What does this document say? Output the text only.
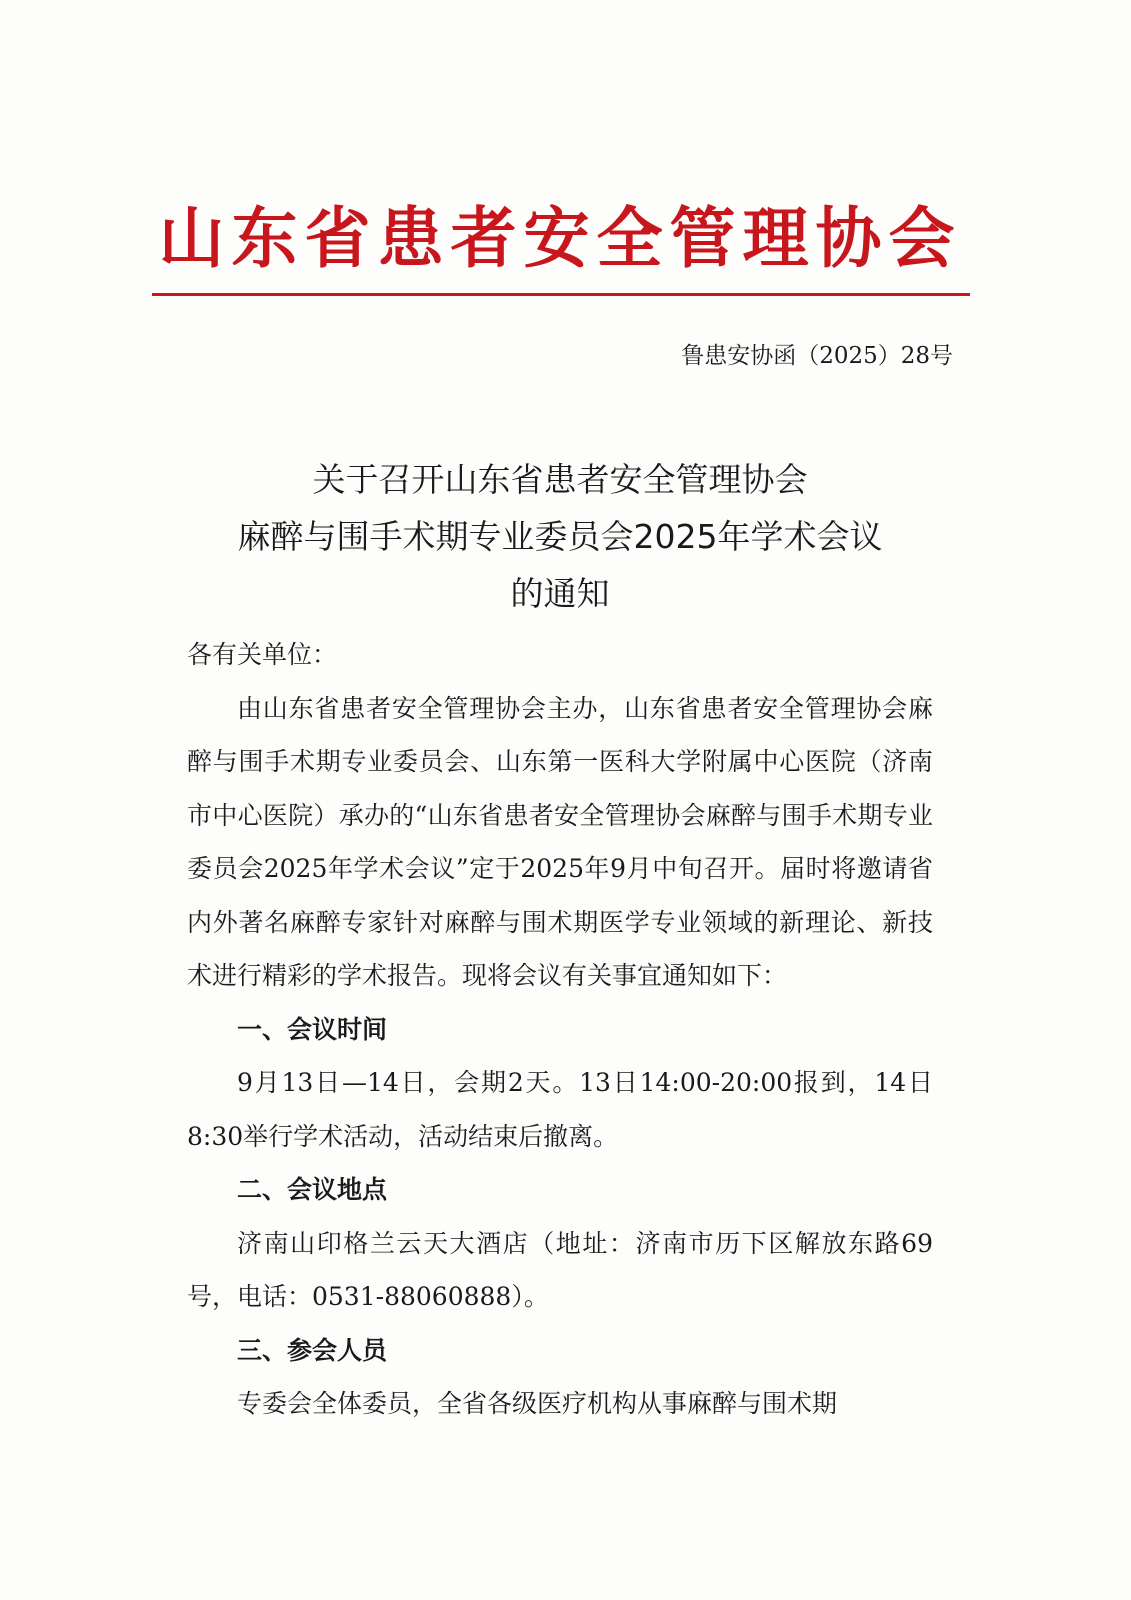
山东省患者安全管理协会
鲁患安协函（2025）28号
关于召开山东省患者安全管理协会
麻醉与围手术期专业委员会2025年学术会议
的通知

各有关单位：

由山东省患者安全管理协会主办，山东省患者安全管理协会麻醉与围手术期专业委员会、山东第一医科大学附属中心医院（济南市中心医院）承办的“山东省患者安全管理协会麻醉与围手术期专业委员会2025年学术会议”定于2025年9月中旬召开。届时将邀请省内外著名麻醉专家针对麻醉与围术期医学专业领域的新理论、新技术进行精彩的学术报告。现将会议有关事宜通知如下：

一、会议时间

9月13日—14日，会期2天。13日14:00-20:00报到，14日8:30举行学术活动，活动结束后撤离。

二、会议地点

济南山印格兰云天大酒店（地址：济南市历下区解放东路69号，电话：0531-88060888）。

三、参会人员

专委会全体委员，全省各级医疗机构从事麻醉与围术期
